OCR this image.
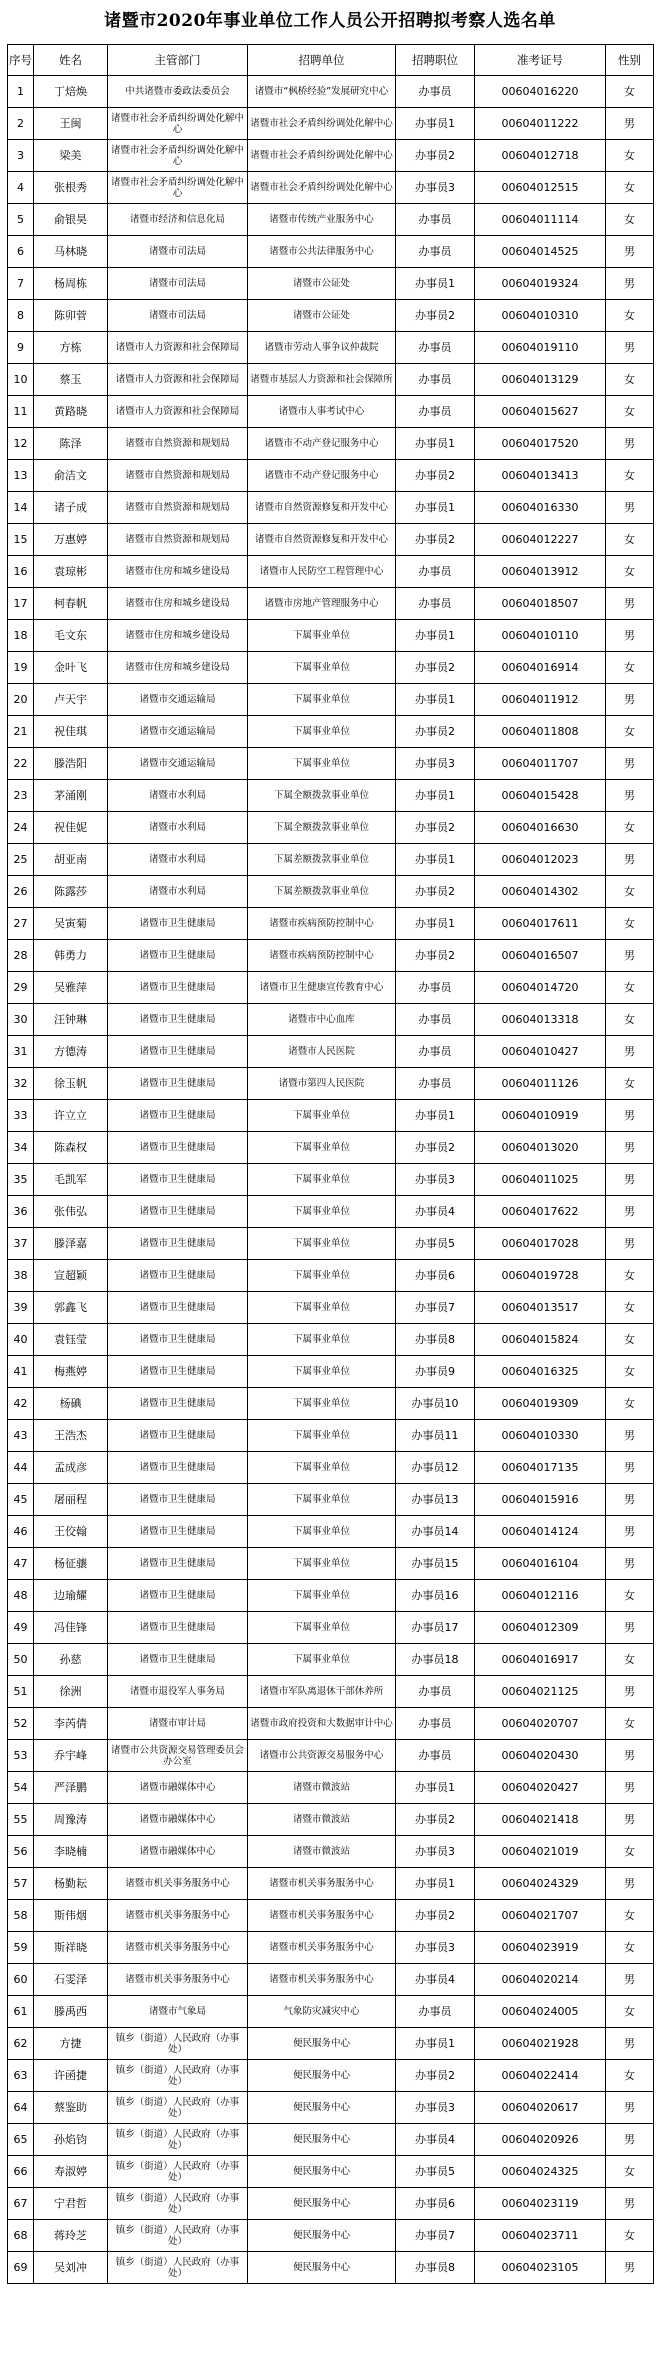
诸暨市2020年事业单位工作人员公开招聘拟考察人选名单
序号	姓名	主管部门	招聘单位	招聘职位	准考证号	性别
1	丁焙焕	中共诸暨市委政法委员会	诸暨市“枫桥经验”发展研究中心	办事员	00604016220	女
2	王闽	诸暨市社会矛盾纠纷调处化解中心	诸暨市社会矛盾纠纷调处化解中心	办事员1	00604011222	男
3	梁美	诸暨市社会矛盾纠纷调处化解中心	诸暨市社会矛盾纠纷调处化解中心	办事员2	00604012718	女
4	张根秀	诸暨市社会矛盾纠纷调处化解中心	诸暨市社会矛盾纠纷调处化解中心	办事员3	00604012515	女
5	俞银昊	诸暨市经济和信息化局	诸暨市传统产业服务中心	办事员	00604011114	女
6	马林晓	诸暨市司法局	诸暨市公共法律服务中心	办事员	00604014525	男
7	杨周栋	诸暨市司法局	诸暨市公证处	办事员1	00604019324	男
8	陈卯菅	诸暨市司法局	诸暨市公证处	办事员2	00604010310	女
9	方栋	诸暨市人力资源和社会保障局	诸暨市劳动人事争议仲裁院	办事员	00604019110	男
10	蔡玉	诸暨市人力资源和社会保障局	诸暨市基层人力资源和社会保障所	办事员	00604013129	女
11	黄路晓	诸暨市人力资源和社会保障局	诸暨市人事考试中心	办事员	00604015627	女
12	陈泽	诸暨市自然资源和规划局	诸暨市不动产登记服务中心	办事员1	00604017520	男
13	俞洁文	诸暨市自然资源和规划局	诸暨市不动产登记服务中心	办事员2	00604013413	女
14	诸子成	诸暨市自然资源和规划局	诸暨市自然资源修复和开发中心	办事员1	00604016330	男
15	万惠婷	诸暨市自然资源和规划局	诸暨市自然资源修复和开发中心	办事员2	00604012227	女
16	袁琼彬	诸暨市住房和城乡建设局	诸暨市人民防空工程管理中心	办事员	00604013912	女
17	柯春帆	诸暨市住房和城乡建设局	诸暨市房地产管理服务中心	办事员	00604018507	男
18	毛文东	诸暨市住房和城乡建设局	下属事业单位	办事员1	00604010110	男
19	金叶飞	诸暨市住房和城乡建设局	下属事业单位	办事员2	00604016914	女
20	卢天宇	诸暨市交通运输局	下属事业单位	办事员1	00604011912	男
21	祝佳琪	诸暨市交通运输局	下属事业单位	办事员2	00604011808	女
22	滕浩阳	诸暨市交通运输局	下属事业单位	办事员3	00604011707	男
23	茅涌刚	诸暨市水利局	下属全额拨款事业单位	办事员1	00604015428	男
24	祝佳妮	诸暨市水利局	下属全额拨款事业单位	办事员2	00604016630	女
25	胡亚南	诸暨市水利局	下属差额拨款事业单位	办事员1	00604012023	男
26	陈露莎	诸暨市水利局	下属差额拨款事业单位	办事员2	00604014302	女
27	吴寅菊	诸暨市卫生健康局	诸暨市疾病预防控制中心	办事员1	00604017611	女
28	韩勇力	诸暨市卫生健康局	诸暨市疾病预防控制中心	办事员2	00604016507	男
29	吴雅萍	诸暨市卫生健康局	诸暨市卫生健康宣传教育中心	办事员	00604014720	女
30	汪钟琳	诸暨市卫生健康局	诸暨市中心血库	办事员	00604013318	女
31	方德涛	诸暨市卫生健康局	诸暨市人民医院	办事员	00604010427	男
32	徐玉帆	诸暨市卫生健康局	诸暨市第四人民医院	办事员	00604011126	女
33	许立立	诸暨市卫生健康局	下属事业单位	办事员1	00604010919	男
34	陈森权	诸暨市卫生健康局	下属事业单位	办事员2	00604013020	男
35	毛凯军	诸暨市卫生健康局	下属事业单位	办事员3	00604011025	男
36	张伟弘	诸暨市卫生健康局	下属事业单位	办事员4	00604017622	男
37	滕泽嘉	诸暨市卫生健康局	下属事业单位	办事员5	00604017028	男
38	宣超颖	诸暨市卫生健康局	下属事业单位	办事员6	00604019728	女
39	郭鑫飞	诸暨市卫生健康局	下属事业单位	办事员7	00604013517	女
40	袁钰莹	诸暨市卫生健康局	下属事业单位	办事员8	00604015824	女
41	梅燕婷	诸暨市卫生健康局	下属事业单位	办事员9	00604016325	女
42	杨碘	诸暨市卫生健康局	下属事业单位	办事员10	00604019309	女
43	王浩杰	诸暨市卫生健康局	下属事业单位	办事员11	00604010330	男
44	孟成彦	诸暨市卫生健康局	下属事业单位	办事员12	00604017135	男
45	屠丽程	诸暨市卫生健康局	下属事业单位	办事员13	00604015916	男
46	王佼翰	诸暨市卫生健康局	下属事业单位	办事员14	00604014124	男
47	杨征骧	诸暨市卫生健康局	下属事业单位	办事员15	00604016104	男
48	边瑜耀	诸暨市卫生健康局	下属事业单位	办事员16	00604012116	女
49	冯佳锋	诸暨市卫生健康局	下属事业单位	办事员17	00604012309	男
50	孙慈	诸暨市卫生健康局	下属事业单位	办事员18	00604016917	女
51	徐洲	诸暨市退役军人事务局	诸暨市军队离退休干部休养所	办事员	00604021125	男
52	李芮倩	诸暨市审计局	诸暨市政府投资和大数据审计中心	办事员	00604020707	女
53	乔宇峰	诸暨市公共资源交易管理委员会办公室	诸暨市公共资源交易服务中心	办事员	00604020430	男
54	严泽鹏	诸暨市融媒体中心	诸暨市微波站	办事员1	00604020427	男
55	周豫涛	诸暨市融媒体中心	诸暨市微波站	办事员2	00604021418	男
56	李晓楠	诸暨市融媒体中心	诸暨市微波站	办事员3	00604021019	女
57	杨勤耘	诸暨市机关事务服务中心	诸暨市机关事务服务中心	办事员1	00604024329	男
58	斯伟烟	诸暨市机关事务服务中心	诸暨市机关事务服务中心	办事员2	00604021707	女
59	斯祥晓	诸暨市机关事务服务中心	诸暨市机关事务服务中心	办事员3	00604023919	女
60	石雯泽	诸暨市机关事务服务中心	诸暨市机关事务服务中心	办事员4	00604020214	男
61	滕禹西	诸暨市气象局	气象防灾减灾中心	办事员	00604024005	女
62	方捷	镇乡（街道）人民政府（办事处）	便民服务中心	办事员1	00604021928	男
63	许函捷	镇乡（街道）人民政府（办事处）	便民服务中心	办事员2	00604022414	女
64	蔡鉴助	镇乡（街道）人民政府（办事处）	便民服务中心	办事员3	00604020617	男
65	孙焰钧	镇乡（街道）人民政府（办事处）	便民服务中心	办事员4	00604020926	男
66	寿淑婷	镇乡（街道）人民政府（办事处）	便民服务中心	办事员5	00604024325	女
67	宁君哲	镇乡（街道）人民政府（办事处）	便民服务中心	办事员6	00604023119	男
68	蒋玲芝	镇乡（街道）人民政府（办事处）	便民服务中心	办事员7	00604023711	女
69	吴刘冲	镇乡（街道）人民政府（办事处）	便民服务中心	办事员8	00604023105	男
